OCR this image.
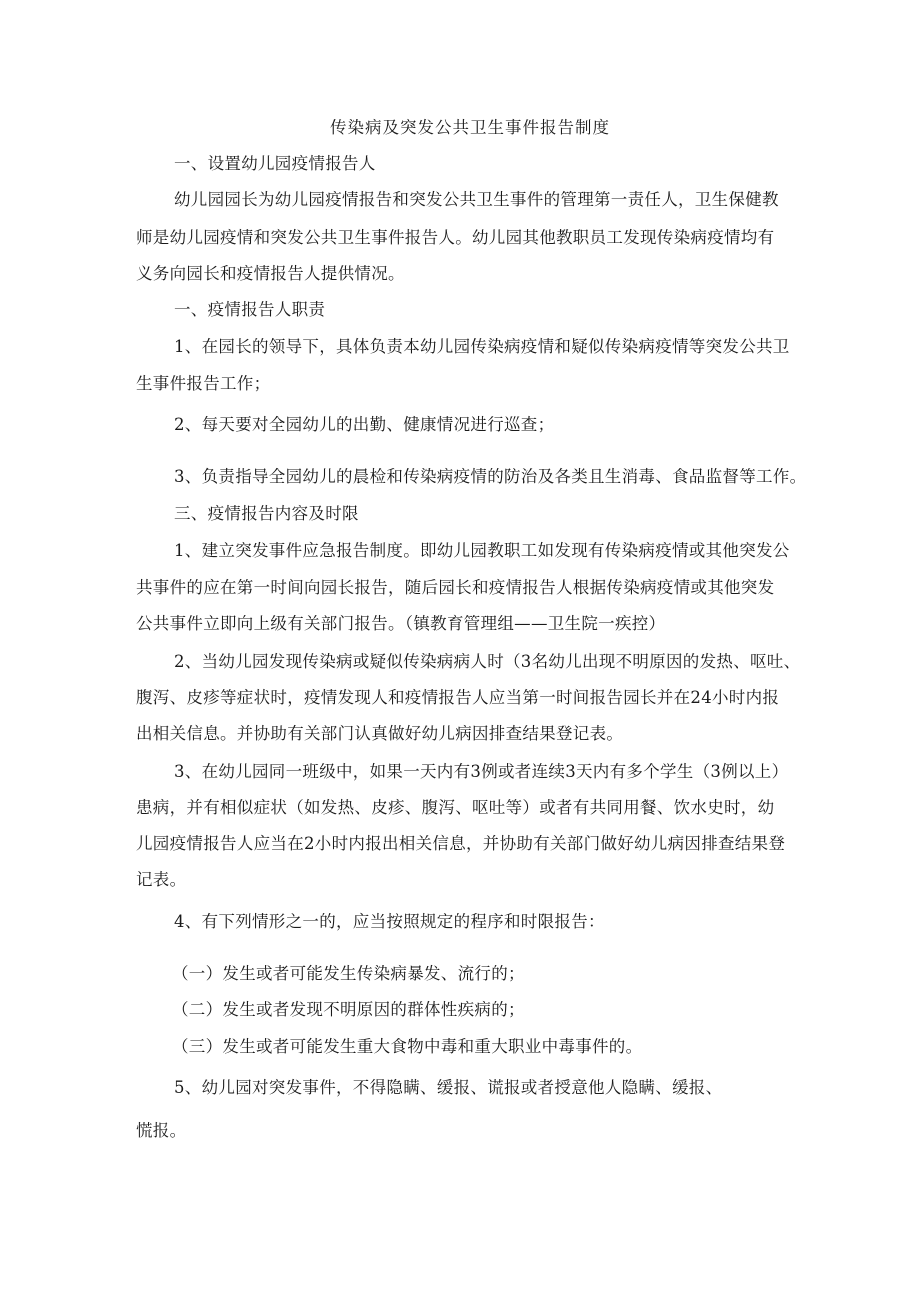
传染病及突发公共卫生事件报告制度

一、设置幼儿园疫情报告人

幼儿园园长为幼儿园疫情报告和突发公共卫生事件的管理第一责任人，卫生保健教

师是幼儿园疫情和突发公共卫生事件报告人。幼儿园其他教职员工发现传染病疫情均有

义务向园长和疫情报告人提供情况。

一、疫情报告人职责

1、在园长的领导下，具体负责本幼儿园传染病疫情和疑似传染病疫情等突发公共卫

生事件报告工作；

2、每天要对全园幼儿的出勤、健康情况进行巡查；

3、负责指导全园幼儿的晨检和传染病疫情的防治及各类且生消毒、食品监督等工作。

三、疫情报告内容及时限

1、建立突发事件应急报告制度。即幼儿园教职工如发现有传染病疫情或其他突发公

共事件的应在第一时间向园长报告，随后园长和疫情报告人根据传染病疫情或其他突发

公共事件立即向上级有关部门报告。（镇教育管理组——卫生院一疾控）

2、当幼儿园发现传染病或疑似传染病病人时（3名幼儿出现不明原因的发热、呕吐、

腹泻、皮疹等症状时，疫情发现人和疫情报告人应当第一时间报告园长并在24小时内报

出相关信息。并协助有关部门认真做好幼儿病因排查结果登记表。

3、在幼儿园同一班级中，如果一天内有3例或者连续3天内有多个学生（3例以上）

患病，并有相似症状（如发热、皮疹、腹泻、呕吐等）或者有共同用餐、饮水史时，幼

儿园疫情报告人应当在2小时内报出相关信息，并协助有关部门做好幼儿病因排查结果登

记表。

4、有下列情形之一的，应当按照规定的程序和时限报告：

（一）发生或者可能发生传染病暴发、流行的；

（二）发生或者发现不明原因的群体性疾病的；

（三）发生或者可能发生重大食物中毒和重大职业中毒事件的。

5、幼儿园对突发事件，不得隐瞒、缓报、谎报或者授意他人隐瞒、缓报、

慌报。
